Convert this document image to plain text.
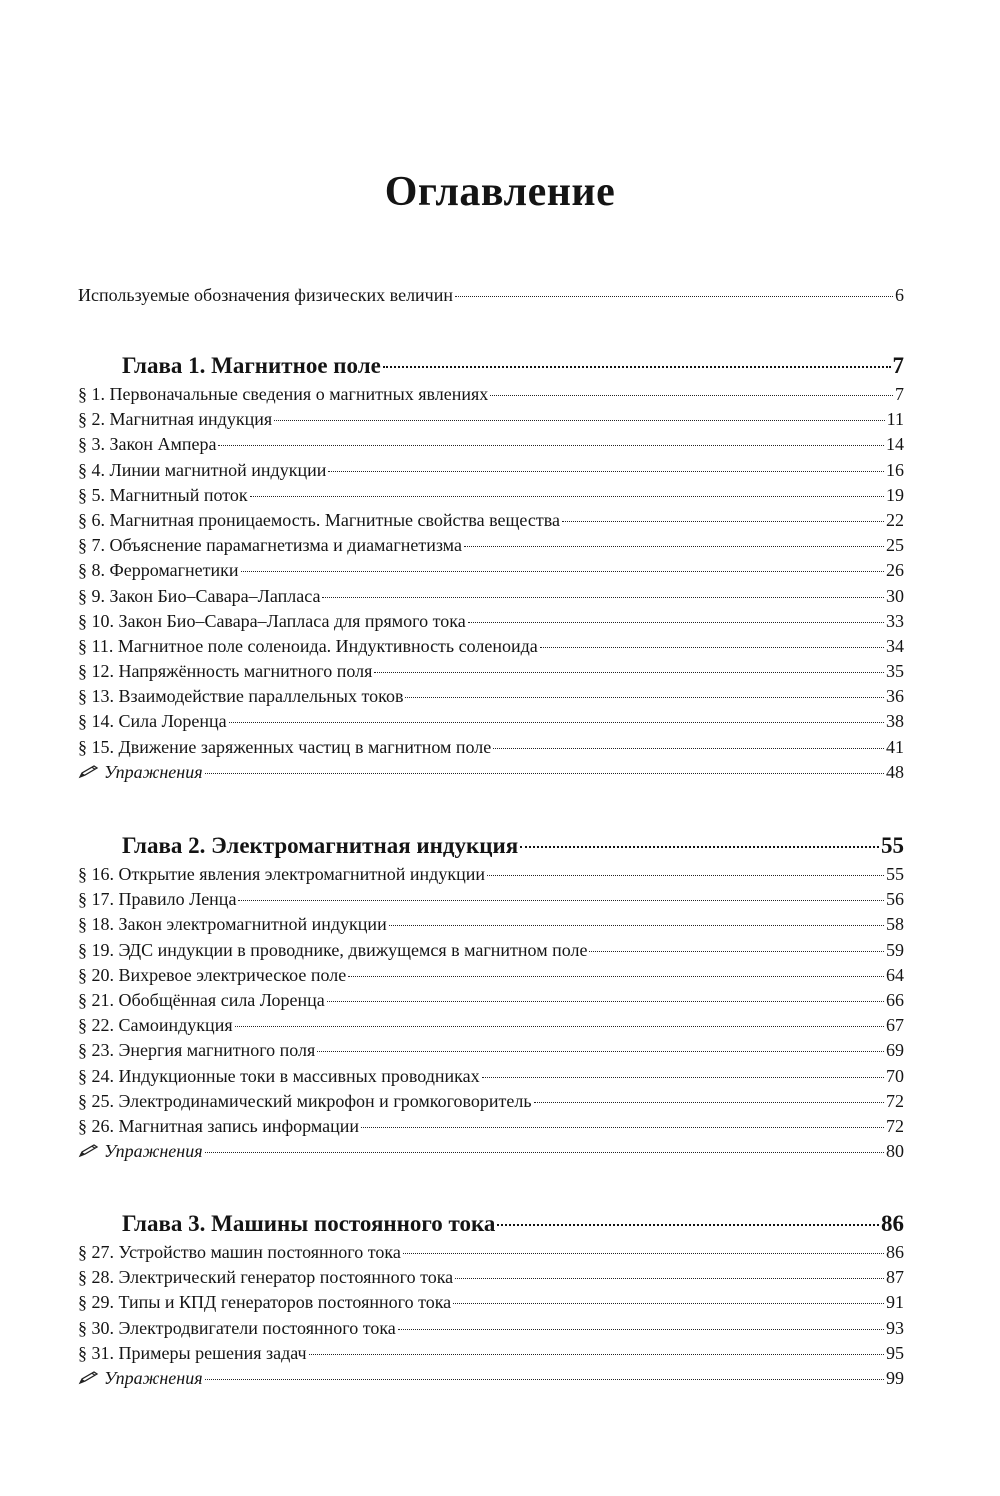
Оглавление
Используемые обозначения физических величин	6
Глава 1. Магнитное поле	7
§ 1. Первоначальные сведения о магнитных явлениях	7
§ 2. Магнитная индукция	11
§ 3. Закон Ампера	14
§ 4. Линии магнитной индукции	16
§ 5. Магнитный поток	19
§ 6. Магнитная проницаемость. Магнитные свойства вещества	22
§ 7. Объяснение парамагнетизма и диамагнетизма	25
§ 8. Ферромагнетики	26
§ 9. Закон Био–Савара–Лапласа	30
§ 10. Закон Био–Савара–Лапласа для прямого тока	33
§ 11. Магнитное поле соленоида. Индуктивность соленоида	34
§ 12. Напряжённость магнитного поля	35
§ 13. Взаимодействие параллельных токов	36
§ 14. Сила Лоренца	38
§ 15. Движение заряженных частиц в магнитном поле	41
Упражнения	48
Глава 2. Электромагнитная индукция	55
§ 16. Открытие явления электромагнитной индукции	55
§ 17. Правило Ленца	56
§ 18. Закон электромагнитной индукции	58
§ 19. ЭДС индукции в проводнике, движущемся в магнитном поле	59
§ 20. Вихревое электрическое поле	64
§ 21. Обобщённая сила Лоренца	66
§ 22. Самоиндукция	67
§ 23. Энергия магнитного поля	69
§ 24. Индукционные токи в массивных проводниках	70
§ 25. Электродинамический микрофон и громкоговоритель	72
§ 26. Магнитная запись информации	72
Упражнения	80
Глава 3. Машины постоянного тока	86
§ 27. Устройство машин постоянного тока	86
§ 28. Электрический генератор постоянного тока	87
§ 29. Типы и КПД генераторов постоянного тока	91
§ 30. Электродвигатели постоянного тока	93
§ 31. Примеры решения задач	95
Упражнения	99
